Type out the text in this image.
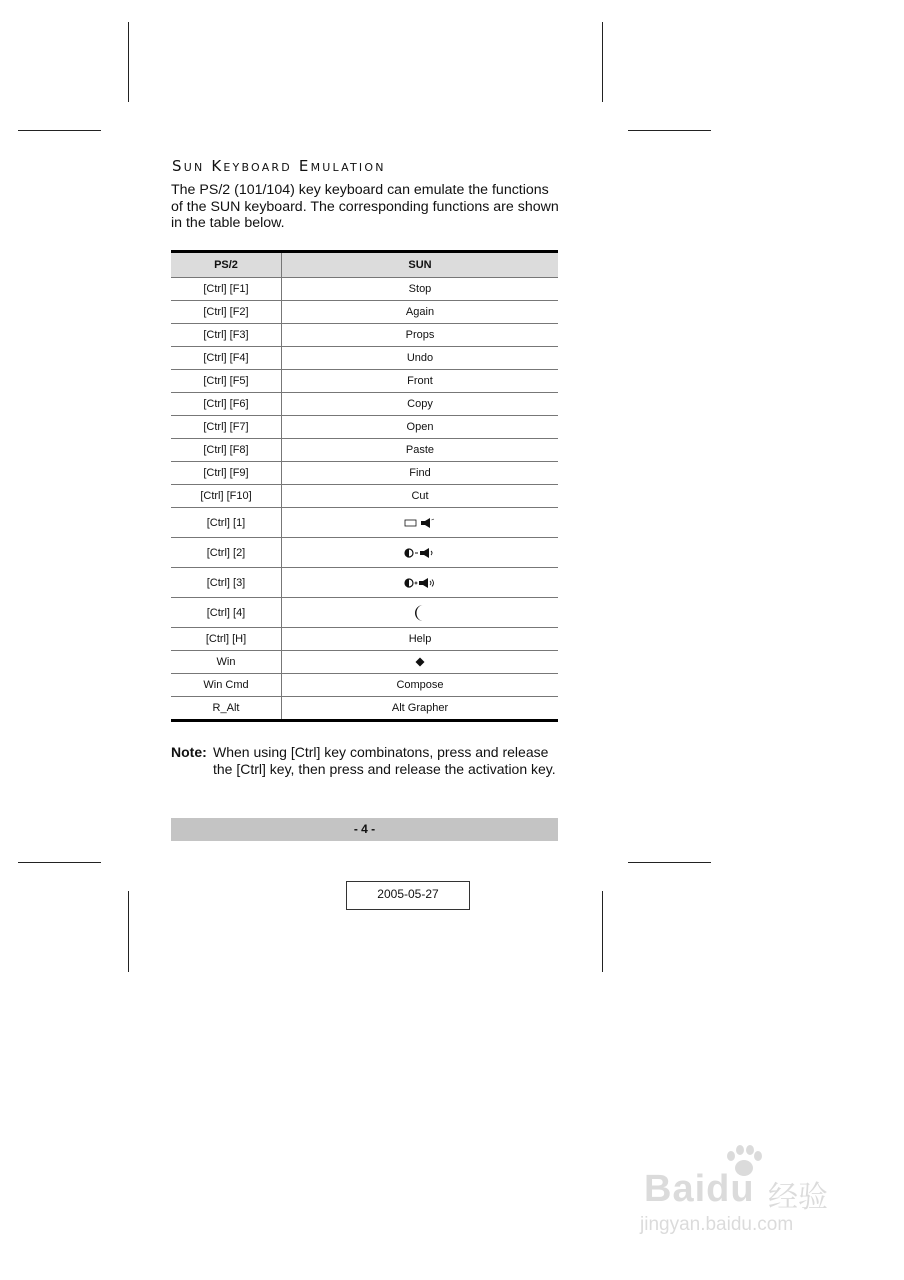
Sun Keyboard Emulation
The PS/2 (101/104) key keyboard can emulate the functions of the SUN keyboard. The corresponding functions are shown in the table below.
PS/2	SUN
[Ctrl] [F1]	Stop
[Ctrl] [F2]	Again
[Ctrl] [F3]	Props
[Ctrl] [F4]	Undo
[Ctrl] [F5]	Front
[Ctrl] [F6]	Copy
[Ctrl] [F7]	Open
[Ctrl] [F8]	Paste
[Ctrl] [F9]	Find
[Ctrl] [F10]	Cut
[Ctrl] [1]	
[Ctrl] [2]	
[Ctrl] [3]	
[Ctrl] [4]	
[Ctrl] [H]	Help
Win	
Win Cmd	Compose
R_Alt	Alt Grapher
Note: When using [Ctrl] key combinatons, press and release the [Ctrl] key, then press and release the activation key.
- 4 -
2005-05-27
Baidu 经验
jingyan.baidu.com
